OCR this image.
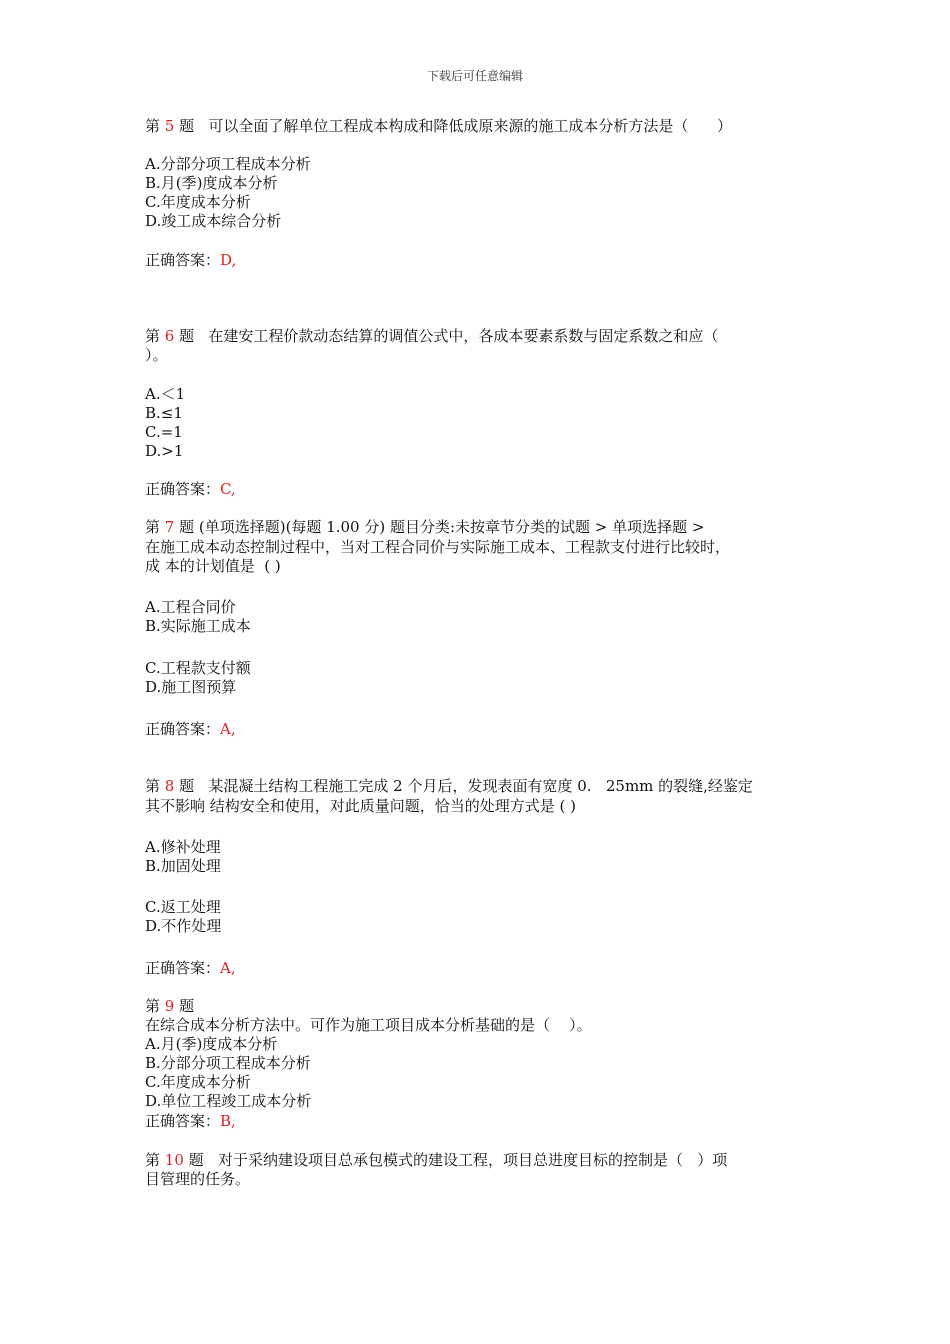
下载后可任意编辑
第 5 题   可以全面了解单位工程成本构成和降低成原来源的施工成本分析方法是（      ）
A.分部分项工程成本分析
B.月(季)度成本分析
C.年度成本分析
D.竣工成本综合分析
正确答案：D,
第 6 题   在建安工程价款动态结算的调值公式中，各成本要素系数与固定系数之和应（
）。
A.＜1
B.≤1
C.=1
D.>1
正确答案：C,
第 7 题 (单项选择题)(每题 1.00 分) 题目分类:未按章节分类的试题 > 单项选择题 >
在施工成本动态控制过程中，当对工程合同价与实际施工成本、工程款支付进行比较时，
成 本的计划值是  ( )
A.工程合同价
B.实际施工成本
C.工程款支付额
D.施工图预算
正确答案：A,
第 8 题   某混凝土结构工程施工完成 2 个月后，发现表面有宽度 0.   25mm 的裂缝,经鉴定
其不影响 结构安全和使用，对此质量问题，恰当的处理方式是 ( )
A.修补处理
B.加固处理
C.返工处理
D.不作处理
正确答案：A,
第 9 题
在综合成本分析方法中。可作为施工项目成本分析基础的是（    ）。
A.月(季)度成本分析
B.分部分项工程成本分析
C.年度成本分析
D.单位工程竣工成本分析
正确答案：B,
第 10 题   对于采纳建设项目总承包模式的建设工程，项目总进度目标的控制是（   ）项
目管理的任务。
